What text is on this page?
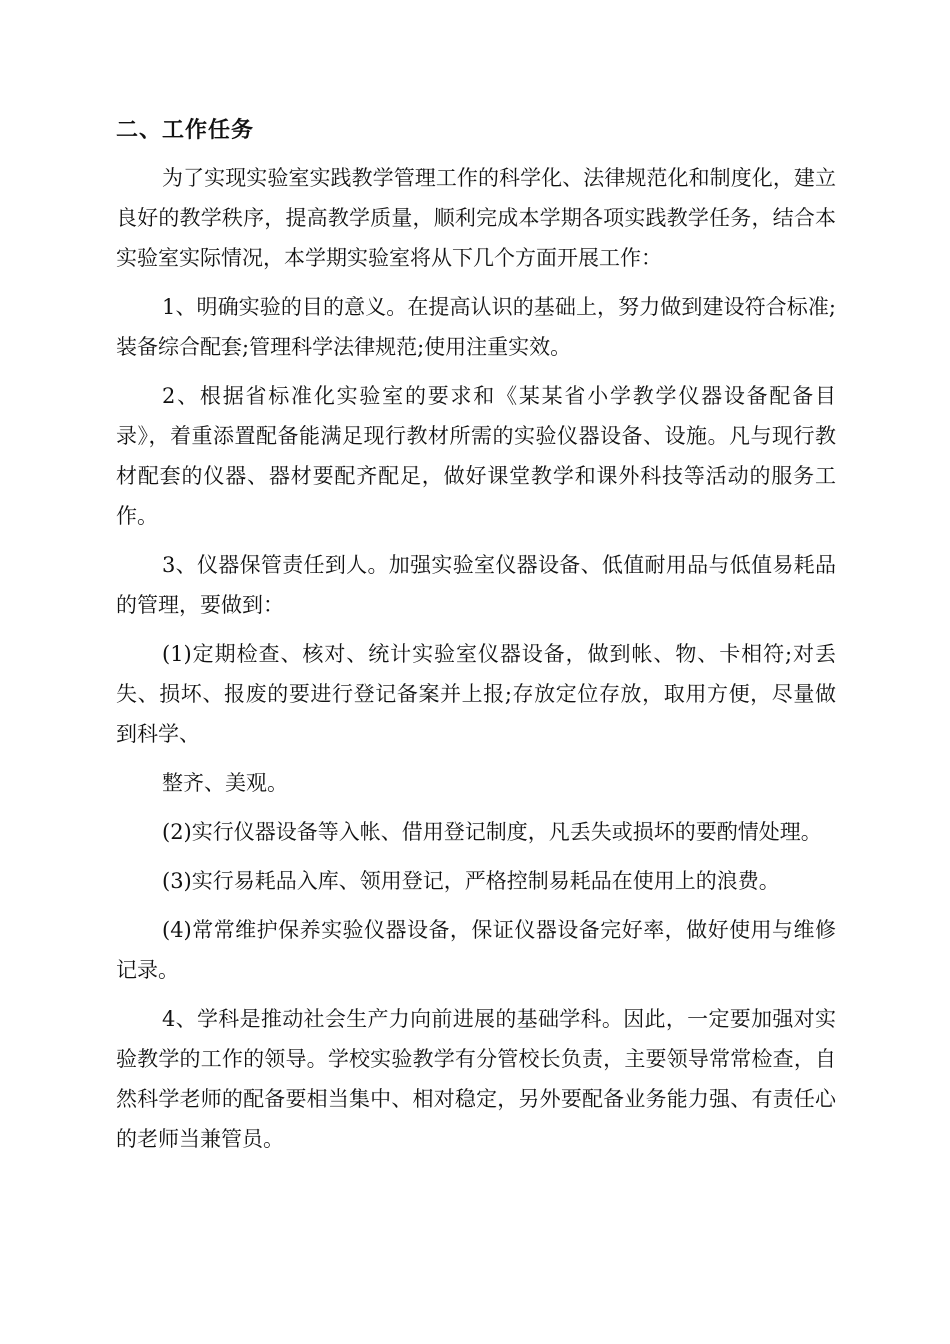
二、工作任务

为了实现实验室实践教学管理工作的科学化、法律规范化和制度化，建立良好的教学秩序，提高教学质量，顺利完成本学期各项实践教学任务，结合本实验室实际情况，本学期实验室将从下几个方面开展工作：

1、明确实验的目的意义。在提高认识的基础上，努力做到建设符合标准;装备综合配套;管理科学法律规范;使用注重实效。

2、根据省标准化实验室的要求和《某某省小学教学仪器设备配备目录》，着重添置配备能满足现行教材所需的实验仪器设备、设施。凡与现行教材配套的仪器、器材要配齐配足，做好课堂教学和课外科技等活动的服务工作。

3、仪器保管责任到人。加强实验室仪器设备、低值耐用品与低值易耗品的管理，要做到：

(1)定期检查、核对、统计实验室仪器设备，做到帐、物、卡相符;对丢失、损坏、报废的要进行登记备案并上报;存放定位存放，取用方便，尽量做到科学、

整齐、美观。

(2)实行仪器设备等入帐、借用登记制度，凡丢失或损坏的要酌情处理。

(3)实行易耗品入库、领用登记，严格控制易耗品在使用上的浪费。

(4)常常维护保养实验仪器设备，保证仪器设备完好率，做好使用与维修记录。

4、学科是推动社会生产力向前进展的基础学科。因此，一定要加强对实验教学的工作的领导。学校实验教学有分管校长负责，主要领导常常检查，自然科学老师的配备要相当集中、相对稳定，另外要配备业务能力强、有责任心的老师当兼管员。
